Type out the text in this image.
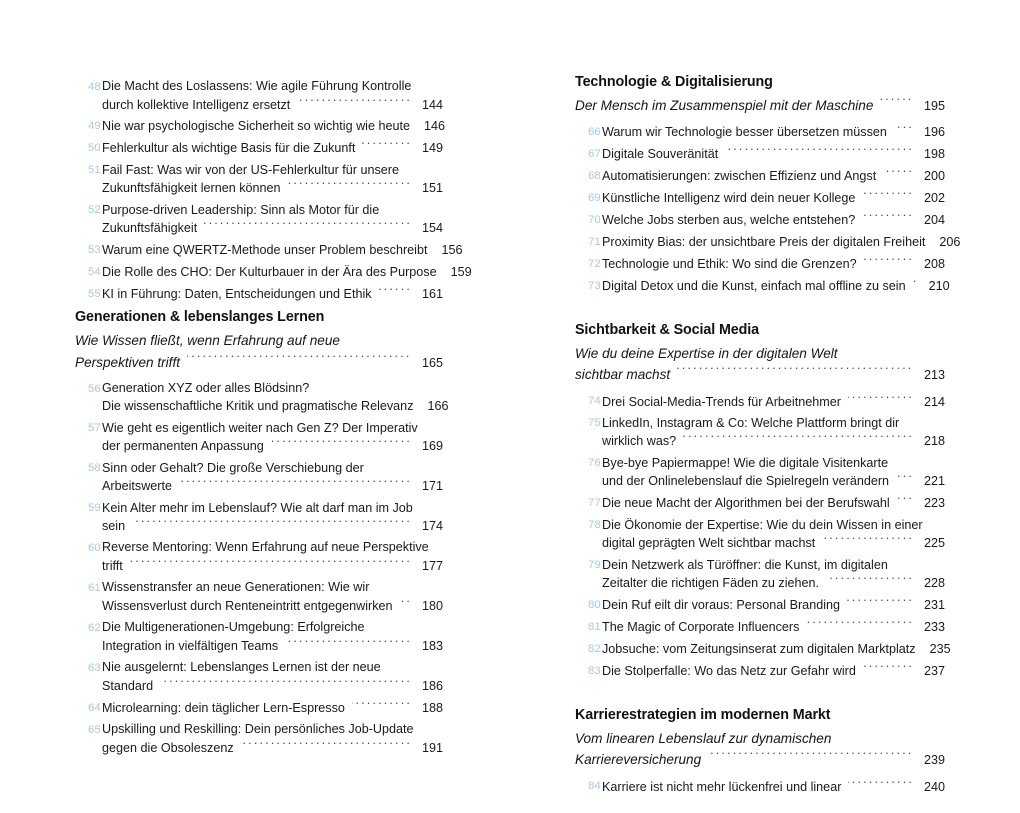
48 Die Macht des Loslassens: Wie agile Führung Kontrolle
durch kollektive Intelligenz ersetzt .....	144
49 Nie war psychologische Sicherheit so wichtig wie heute	146
50 Fehlerkultur als wichtige Basis für die Zukunft .....	149
51 Fail Fast: Was wir von der US-Fehlerkultur für unsere
Zukunftsfähigkeit lernen können .....	151
52 Purpose-driven Leadership: Sinn als Motor für die
Zukunftsfähigkeit .....	154
53 Warum eine QWERTZ-Methode unser Problem beschreibt	156
54 Die Rolle des CHO: Der Kulturbauer in der Ära des Purpose	159
55 KI in Führung: Daten, Entscheidungen und Ethik .....	161
Generationen & lebenslanges Lernen
Wie Wissen fließt, wenn Erfahrung auf neue
Perspektiven trifft .....	165
56 Generation XYZ oder alles Blödsinn?
Die wissenschaftliche Kritik und pragmatische Relevanz	166
57 Wie geht es eigentlich weiter nach Gen Z? Der Imperativ
der permanenten Anpassung .....	169
58 Sinn oder Gehalt? Die große Verschiebung der
Arbeitswerte .....	171
59 Kein Alter mehr im Lebenslauf? Wie alt darf man im Job
sein .....	174
60 Reverse Mentoring: Wenn Erfahrung auf neue Perspektive
trifft .....	177
61 Wissenstransfer an neue Generationen: Wie wir
Wissensverlust durch Renteneintritt entgegenwirken .....	180
62 Die Multigenerationen-Umgebung: Erfolgreiche
Integration in vielfältigen Teams .....	183
63 Nie ausgelernt: Lebenslanges Lernen ist der neue
Standard .....	186
64 Microlearning: dein täglicher Lern-Espresso .....	188
65 Upskilling und Reskilling: Dein persönliches Job-Update
gegen die Obsoleszenz .....	191
Technologie & Digitalisierung
Der Mensch im Zusammenspiel mit der Maschine .....	195
66 Warum wir Technologie besser übersetzen müssen .....	196
67 Digitale Souveränität .....	198
68 Automatisierungen: zwischen Effizienz und Angst .....	200
69 Künstliche Intelligenz wird dein neuer Kollege .....	202
70 Welche Jobs sterben aus, welche entstehen? .....	204
71 Proximity Bias: der unsichtbare Preis der digitalen Freiheit	206
72 Technologie und Ethik: Wo sind die Grenzen? .....	208
73 Digital Detox und die Kunst, einfach mal offline zu sein .....	210
Sichtbarkeit & Social Media
Wie du deine Expertise in der digitalen Welt
sichtbar machst .....	213
74 Drei Social-Media-Trends für Arbeitnehmer .....	214
75 LinkedIn, Instagram & Co: Welche Plattform bringt dir
wirklich was? .....	218
76 Bye-bye Papiermappe! Wie die digitale Visitenkarte
und der Onlinelebenslauf die Spielregeln verändern .....	221
77 Die neue Macht der Algorithmen bei der Berufswahl .....	223
78 Die Ökonomie der Expertise: Wie du dein Wissen in einer
digital geprägten Welt sichtbar machst .....	225
79 Dein Netzwerk als Türöffner: die Kunst, im digitalen
Zeitalter die richtigen Fäden zu ziehen. .....	228
80 Dein Ruf eilt dir voraus: Personal Branding .....	231
81 The Magic of Corporate Influencers .....	233
82 Jobsuche: vom Zeitungsinserat zum digitalen Marktplatz	235
83 Die Stolperfalle: Wo das Netz zur Gefahr wird .....	237
Karrierestrategien im modernen Markt
Vom linearen Lebenslauf zur dynamischen
Karriereversicherung .....	239
84 Karriere ist nicht mehr lückenfrei und linear .....	240
